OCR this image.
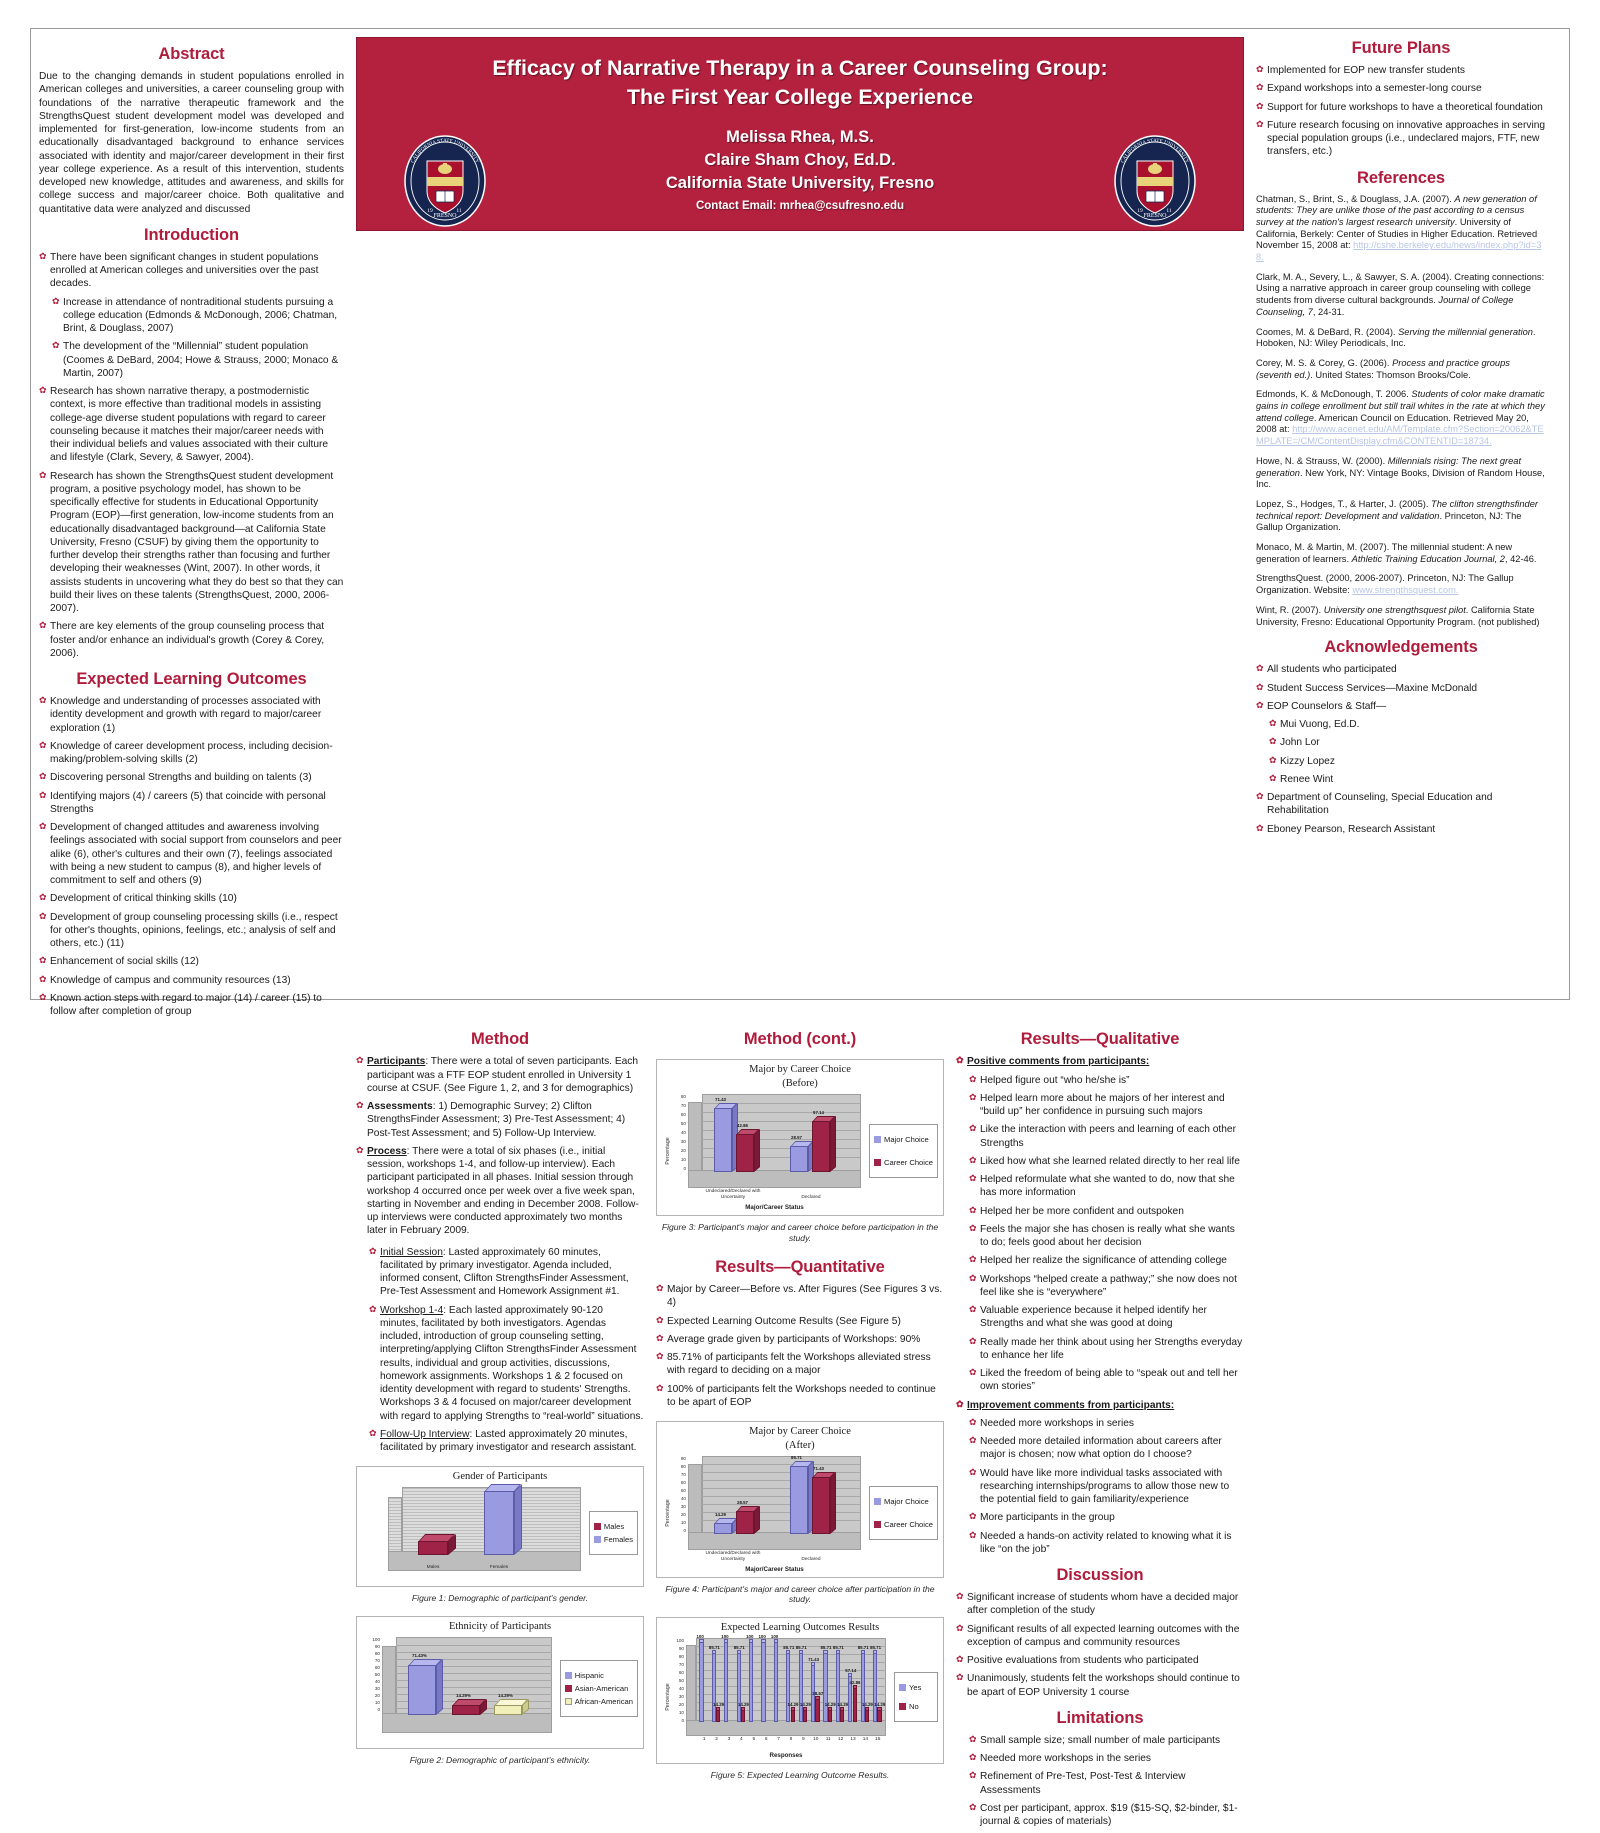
Abstract

Due to the changing demands in student populations enrolled in American colleges and universities, a career counseling group with foundations of the narrative therapeutic framework and the StrengthsQuest student development model was developed and implemented for first-generation, low-income students from an educationally disadvantaged background to enhance services associated with identity and major/career development in their first year college experience. As a result of this intervention, students developed new knowledge, attitudes and awareness, and skills for college success and major/career choice. Both qualitative and quantitative data were analyzed and discussed

Introduction
✿ There have been significant changes in student populations enrolled at American colleges and universities over the past decades.
✿ Increase in attendance of nontraditional students pursuing a college education (Edmonds & McDonough, 2006; Chatman, Brint, & Douglass, 2007)
✿ The development of the “Millennial” student population (Coomes & DeBard, 2004; Howe & Strauss, 2000; Monaco & Martin, 2007)
✿ Research has shown narrative therapy, a postmodernistic context, is more effective than traditional models in assisting college-age diverse student populations with regard to career counseling because it matches their major/career needs with their individual beliefs and values associated with their culture and lifestyle (Clark, Severy, & Sawyer, 2004).
✿ Research has shown the StrengthsQuest student development program, a positive psychology model, has shown to be specifically effective for students in Educational Opportunity Program (EOP)—first generation, low-income students from an educationally disadvantaged background—at California State University, Fresno (CSUF) by giving them the opportunity to further develop their strengths rather than focusing and further developing their weaknesses (Wint, 2007). In other words, it assists students in uncovering what they do best so that they can build their lives on these talents (StrengthsQuest, 2000, 2006-2007).
✿ There are key elements of the group counseling process that foster and/or enhance an individual's growth (Corey & Corey, 2006).
Expected Learning Outcomes
✿ Knowledge and understanding of processes associated with identity development and growth with regard to major/career exploration (1)
✿ Knowledge of career development process, including decision-making/problem-solving skills (2)
✿ Discovering personal Strengths and building on talents (3)
✿ Identifying majors (4) / careers (5) that coincide with personal Strengths
✿ Development of changed attitudes and awareness involving feelings associated with social support from counselors and peer alike (6), other's cultures and their own (7), feelings associated with being a new student to campus (8), and higher levels of commitment to self and others (9)
✿ Development of critical thinking skills (10)
✿ Development of group counseling processing skills (i.e., respect for other's thoughts, opinions, feelings, etc.; analysis of self and others, etc.) (11)
✿ Enhancement of social skills (12)
✿ Knowledge of campus and community resources (13)
✿ Known action steps with regard to major (14) / career (15) to follow after completion of group
Efficacy of Narrative Therapy in a Career Counseling Group:
The First Year College Experience
Melissa Rhea, M.S.
Claire Sham Choy, Ed.D.
California State University, Fresno
Contact Email: mrhea@csufresno.edu
FRESNO
19	11
CALIFORNIA STATE UNIVERSITY
FRESNO
19	11
CALIFORNIA STATE UNIVERSITY
Future Plans
✿ Implemented for EOP new transfer students
✿ Expand workshops into a semester-long course
✿ Support for future workshops to have a theoretical foundation
✿ Future research focusing on innovative approaches in serving special population groups (i.e., undeclared majors, FTF, new transfers, etc.)
References

Chatman, S., Brint, S., & Douglass, J.A. (2007). A new generation of students: They are unlike those of the past according to a census survey at the nation's largest research university. University of California, Berkely: Center of Studies in Higher Education. Retrieved November 15, 2008 at: http://cshe.berkeley.edu/news/index.php?id=38.

Clark, M. A., Severy, L., & Sawyer, S. A. (2004). Creating connections: Using a narrative approach in career group counseling with college students from diverse cultural backgrounds. Journal of College Counseling, 7, 24-31.

Coomes, M. & DeBard, R. (2004). Serving the millennial generation. Hoboken, NJ: Wiley Periodicals, Inc.

Corey, M. S. & Corey, G. (2006). Process and practice groups (seventh ed.). United States: Thomson Brooks/Cole.

Edmonds, K. & McDonough, T. 2006. Students of color make dramatic gains in college enrollment but still trail whites in the rate at which they attend college. American Council on Education. Retrieved May 20, 2008 at: http://www.acenet.edu/AM/Template.cfm?Section=20062&TEMPLATE=/CM/ContentDisplay.cfm&CONTENTID=18734.

Howe, N. & Strauss, W. (2000). Millennials rising: The next great generation. New York, NY: Vintage Books, Division of Random House, Inc.

Lopez, S., Hodges, T., & Harter, J. (2005). The clifton strengthsfinder technical report: Development and validation. Princeton, NJ: The Gallup Organization.

Monaco, M. & Martin, M. (2007). The millennial student: A new generation of learners. Athletic Training Education Journal, 2, 42-46.

StrengthsQuest. (2000, 2006-2007). Princeton, NJ: The Gallup Organization. Website: www.strengthsquest.com.

Wint, R. (2007). University one strengthsquest pilot. California State University, Fresno: Educational Opportunity Program. (not published)

Acknowledgements
✿ All students who participated
✿ Student Success Services—Maxine McDonald
✿ EOP Counselors & Staff—
✿ Mui Vuong, Ed.D.
✿ John Lor
✿ Kizzy Lopez
✿ Renee Wint
✿ Department of Counseling, Special Education and Rehabilitation
✿ Eboney Pearson, Research Assistant
Method
✿ Participants: There were a total of seven participants. Each participant was a FTF EOP student enrolled in University 1 course at CSUF. (See Figure 1, 2, and 3 for demographics)
✿ Assessments: 1) Demographic Survey; 2) Clifton StrengthsFinder Assessment; 3) Pre-Test Assessment; 4) Post-Test Assessment; and 5) Follow-Up Interview.
✿ Process: There were a total of six phases (i.e., initial session, workshops 1-4, and follow-up interview). Each participant participated in all phases. Initial session through workshop 4 occurred once per week over a five week span, starting in November and ending in December 2008. Follow-up interviews were conducted approximately two months later in February 2009.
✿ Initial Session: Lasted approximately 60 minutes, facilitated by primary investigator. Agenda included, informed consent, Clifton StrengthsFinder Assessment, Pre-Test Assessment and Homework Assignment #1.
✿ Workshop 1-4: Each lasted approximately 90-120 minutes, facilitated by both investigators. Agendas included, introduction of group counseling setting, interpreting/applying Clifton StrengthsFinder Assessment results, individual and group activities, discussions, homework assignments. Workshops 1 & 2 focused on identity development with regard to students' Strengths. Workshops 3 & 4 focused on major/career development with regard to applying Strengths to “real-world” situations.
✿ Follow-Up Interview: Lasted approximately 20 minutes, facilitated by primary investigator and research assistant.
Gender of Participants
Males	Females
Males
Females
Figure 1: Demographic of participant's gender.
Ethnicity of Participants
100
90
80
70
60
50
40
30
20
10
0
71.43%
14.29%	14.29%
Hispanic
Asian-American
African-American
Figure 2: Demographic of participant's ethnicity.
Method (cont.)
Major by Career Choice
(Before)
Percentage
80
70
60
50
40
30
20
10
0
71.43
42.86
28.57
57.14
Undeclared/Declared with Uncertainty	Declared
Major/Career Status
Major Choice
Career Choice
Figure 3: Participant's major and career choice before participation in the study.
Results—Quantitative
✿ Major by Career—Before vs. After Figures (See Figures 3 vs. 4)
✿ Expected Learning Outcome Results (See Figure 5)
✿ Average grade given by participants of Workshops: 90%
✿ 85.71% of participants felt the Workshops alleviated stress with regard to deciding on a major
✿ 100% of participants felt the Workshops needed to continue to be apart of EOP
Major by Career Choice
(After)
Percentage
90
80
70
60
50
40
30
20
10
0
14.29
28.57
85.71
71.43
Undeclared/Declared with Uncertainty	Declared
Major/Career Status
Major Choice
Career Choice
Figure 4: Participant's major and career choice after participation in the study.
Expected Learning Outcomes Results
Percentage
100
90
80
70
60
50
40
30
20
10
0
100
85.71
14.29
100
85.71
14.29
100 100 100
85.71
14.29
85.71
14.29
71.43
28.57
85.71
14.29
85.71
14.29
57.14
42.86
85.71
14.29
85.71
14.29
1	2	3	4	5	6	7	8	9	10	11	12	13	14	15
Responses
Yes
No
Figure 5: Expected Learning Outcome Results.
Results—Qualitative
✿ Positive comments from participants:
✿ Helped figure out “who he/she is”
✿ Helped learn more about he majors of her interest and “build up” her confidence in pursuing such majors
✿ Like the interaction with peers and learning of each other Strengths
✿ Liked how what she learned related directly to her real life
✿ Helped reformulate what she wanted to do, now that she has more information
✿ Helped her be more confident and outspoken
✿ Feels the major she has chosen is really what she wants to do; feels good about her decision
✿ Helped her realize the significance of attending college
✿ Workshops “helped create a pathway;” she now does not feel like she is “everywhere”
✿ Valuable experience because it helped identify her Strengths and what she was good at doing
✿ Really made her think about using her Strengths everyday to enhance her life
✿ Liked the freedom of being able to “speak out and tell her own stories”
✿ Improvement comments from participants:
✿ Needed more workshops in series
✿ Needed more detailed information about careers after major is chosen; now what option do I choose?
✿ Would have like more individual tasks associated with researching internships/programs to allow those new to the potential field to gain familiarity/experience
✿ More participants in the group
✿ Needed a hands-on activity related to knowing what it is like “on the job”
Discussion
✿ Significant increase of students whom have a decided major after completion of the study
✿ Significant results of all expected learning outcomes with the exception of campus and community resources
✿ Positive evaluations from students who participated
✿ Unanimously, students felt the workshops should continue to be apart of EOP University 1 course
Limitations
✿ Small sample size; small number of male participants
✿ Needed more workshops in the series
✿ Refinement of Pre-Test, Post-Test & Interview Assessments
✿ Cost per participant, approx. $19 ($15-SQ, $2-binder, $1-journal & copies of materials)
